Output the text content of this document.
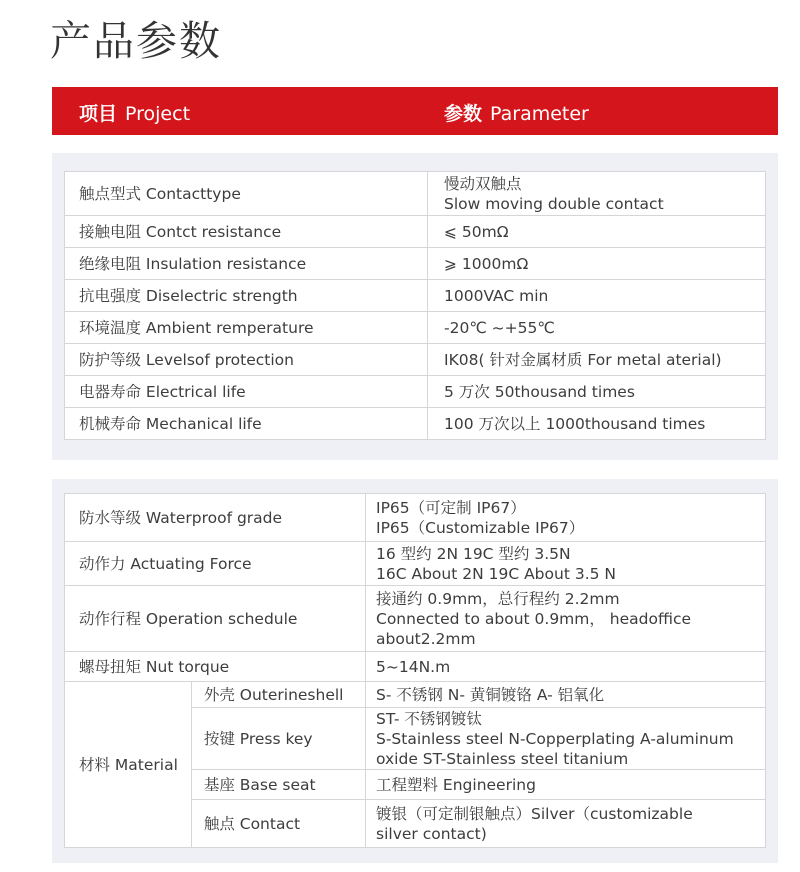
产品参数
项目 Project	参数 Parameter
触点型式 Contacttype	慢动双触点
Slow moving double contact

接触电阻 Contct resistance	⩽ 50mΩ
绝缘电阻 Insulation resistance	⩾ 1000mΩ
抗电强度 Diselectric strength	1000VAC min
环境温度 Ambient remperature	-20℃ ~+55℃
防护等级 Levelsof protection	IK08( 针对金属材质 For metal aterial)
电器寿命 Electrical life	5 万次 50thousand times
机械寿命 Mechanical life	100 万次以上 1000thousand times
防水等级 Waterproof grade		IP65（可定制 IP67）
IP65（Customizable IP67）

动作力 Actuating Force		16 型约 2N 19C 型约 3.5N
16C About 2N 19C About 3.5 N

动作行程 Operation schedule		接通约 0.9mm，总行程约 2.2mm
Connected to about 0.9mm， headoffice
about2.2mm

螺母扭矩 Nut torque		5~14N.m
材料 Material	外壳 Outerineshell	S- 不锈钢 N- 黄铜镀铬 A- 铝氧化
	按键 Press key	ST- 不锈钢镀钛
S-Stainless steel N-Copperplating A-aluminum
oxide ST-Stainless steel titanium

	基座 Base seat	工程塑料 Engineering
	触点 Contact	镀银（可定制银触点）Silver（customizable
silver contact)
